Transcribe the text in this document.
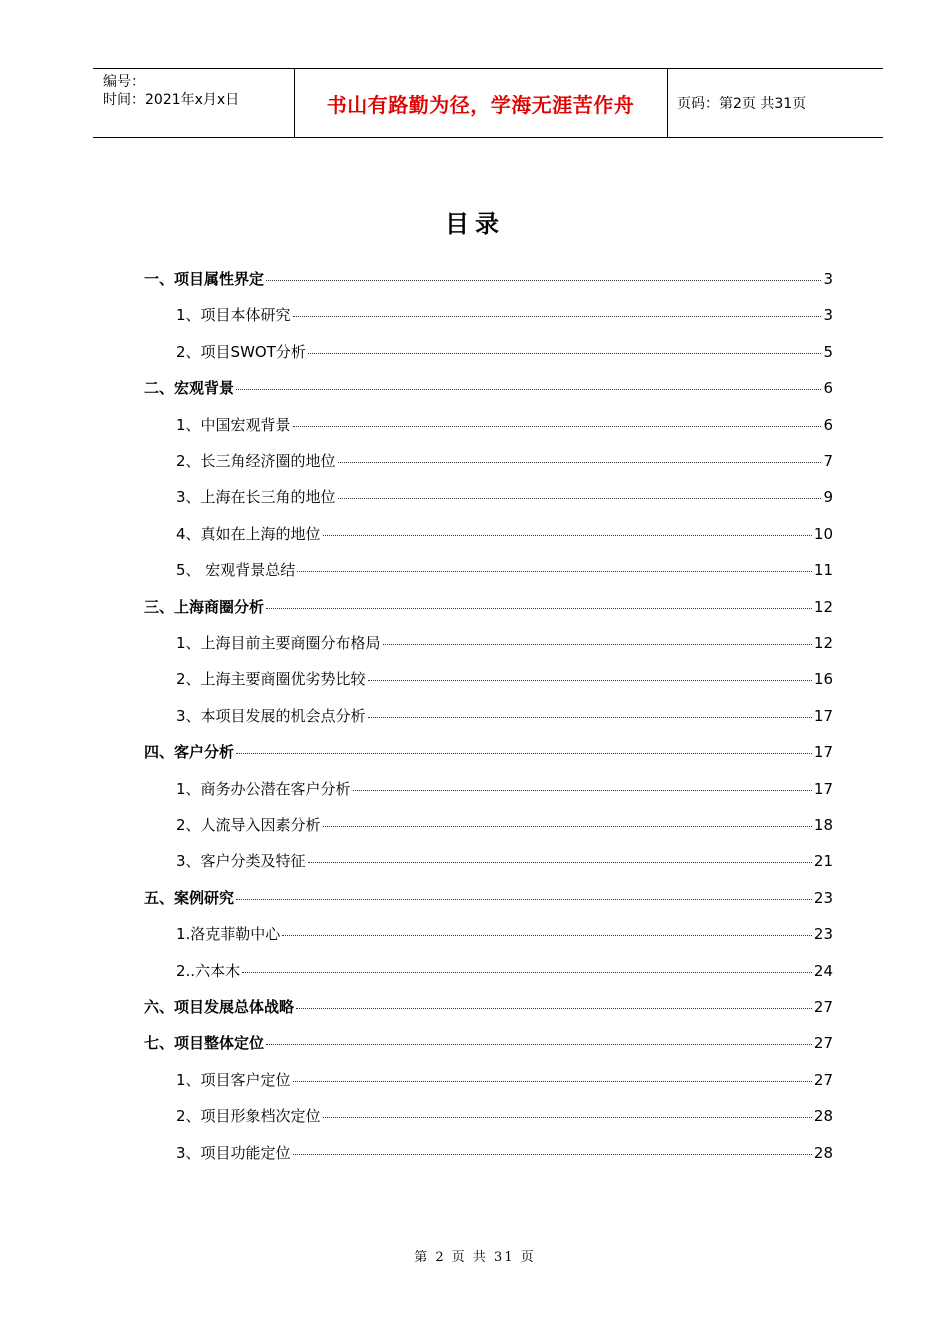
编号：
时间：2021年x月x日	书山有路勤为径，学海无涯苦作舟	页码：第2页 共31页
目录
一、项目属性界定	3
1、项目本体研究	3
2、项目SWOT分析	5
二、宏观背景	6
1、中国宏观背景	6
2、长三角经济圈的地位	7
3、上海在长三角的地位	9
4、真如在上海的地位	10
5、 宏观背景总结	11
三、上海商圈分析	12
1、上海目前主要商圈分布格局	12
2、上海主要商圈优劣势比较	16
3、本项目发展的机会点分析	17
四、客户分析	17
1、商务办公潜在客户分析	17
2、人流导入因素分析	18
3、客户分类及特征	21
五、案例研究	23
1.洛克菲勒中心	23
2..六本木	24
六、项目发展总体战略	27
七、项目整体定位	27
1、项目客户定位	27
2、项目形象档次定位	28
3、项目功能定位	28
第 2 页 共 31 页
